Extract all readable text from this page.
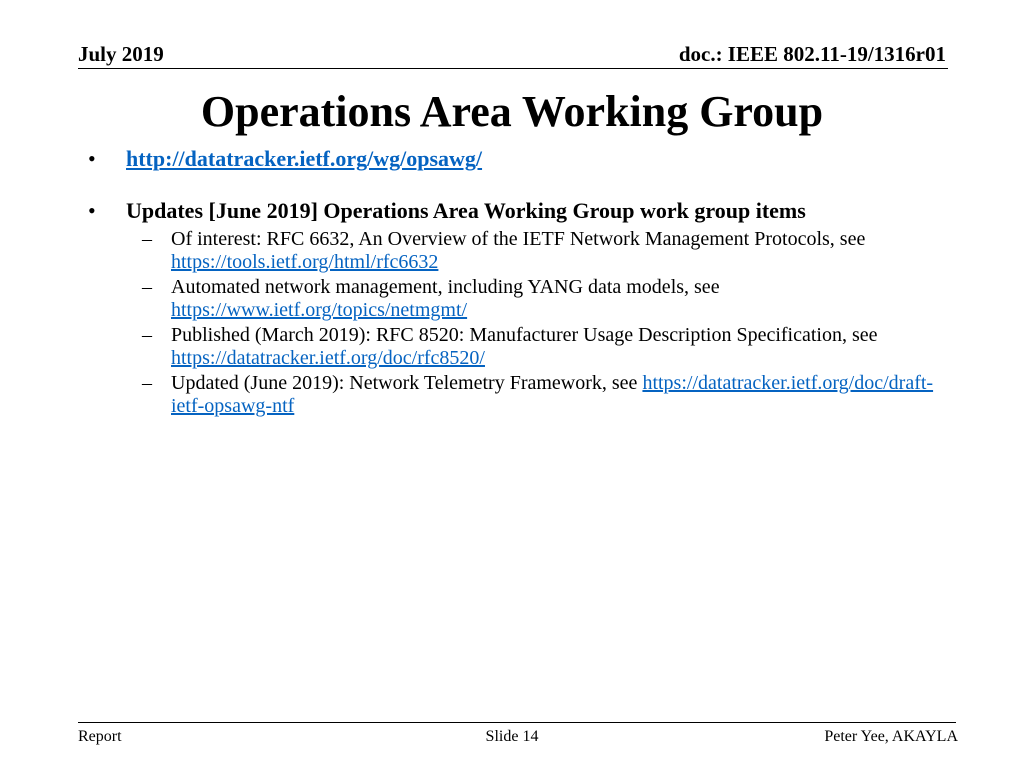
July 2019	doc.: IEEE 802.11-19/1316r01
Operations Area Working Group
• http://datatracker.ietf.org/wg/opsawg/
• Updates [June 2019] Operations Area Working Group work group items
– Of interest: RFC 6632, An Overview of the IETF Network Management Protocols, see https://tools.ietf.org/html/rfc6632
– Automated network management, including YANG data models, see https://www.ietf.org/topics/netmgmt/
– Published (March 2019): RFC 8520: Manufacturer Usage Description Specification, see https://datatracker.ietf.org/doc/rfc8520/
– Updated (June 2019): Network Telemetry Framework, see https://datatracker.ietf.org/doc/draft-ietf-opsawg-ntf
Report	Slide 14	Peter Yee, AKAYLA
